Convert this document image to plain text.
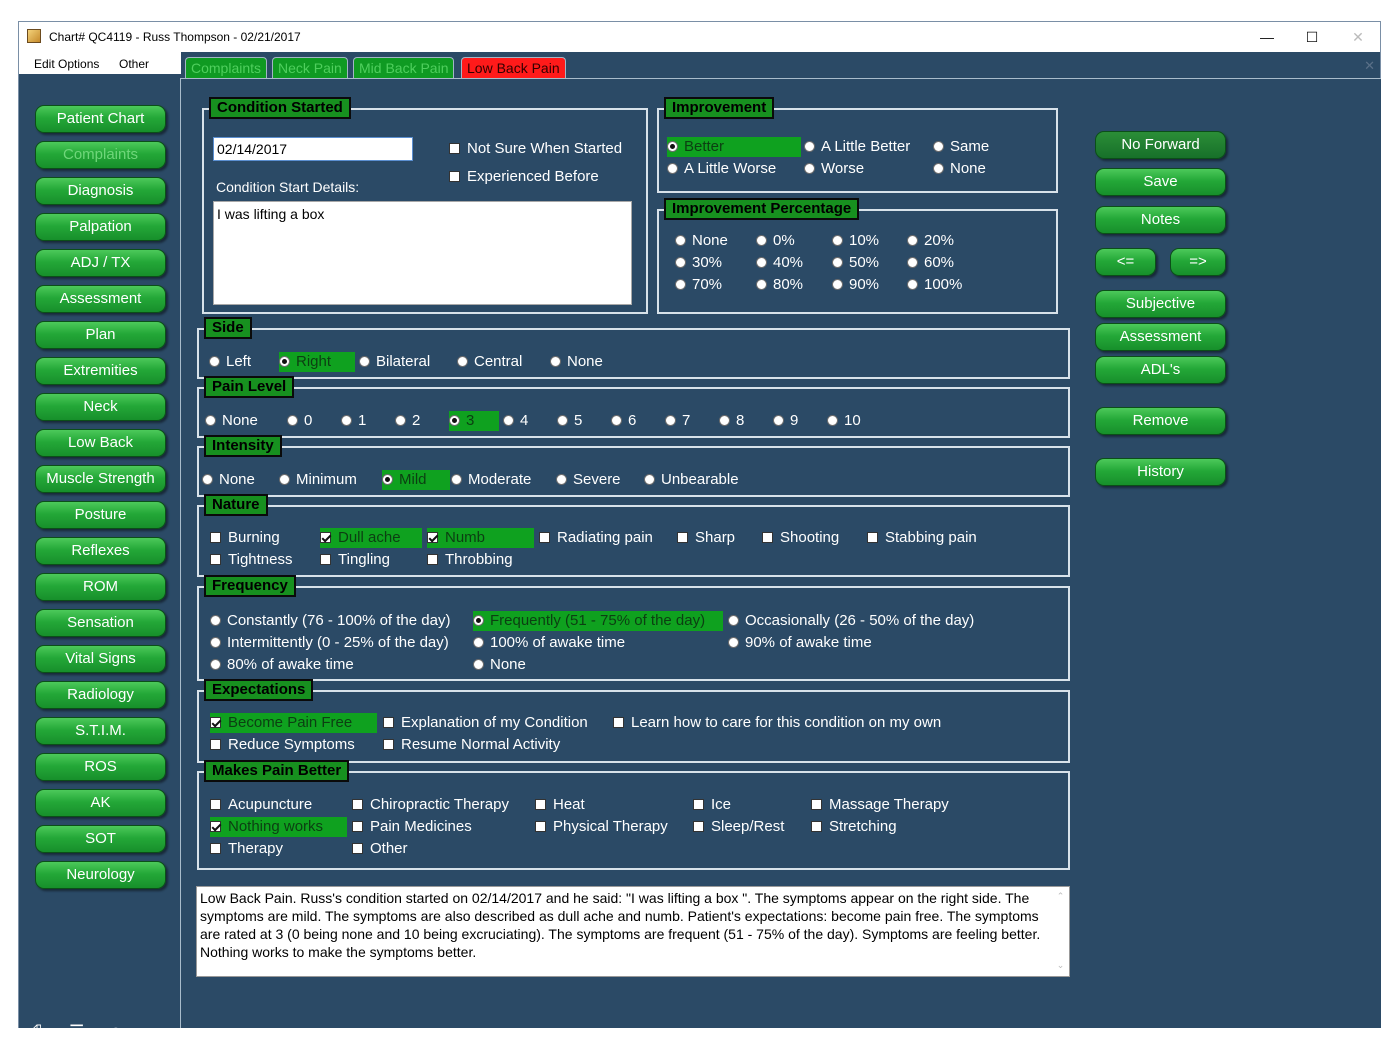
Chart# QC4119 - Russ Thompson - 02/21/2017	—	☐	✕
Edit Options Other	Complaints	Neck Pain	Mid Back Pain	Low Back Pain	✕
Patient Chart
Complaints
Diagnosis
Palpation
ADJ / TX
Assessment
Plan
Extremities
Neck
Low Back
Muscle Strength
Posture
Reflexes
ROM
Sensation
Vital Signs
Radiology
S.T.I.M.
ROS
AK
SOT
Neurology
⎙ ☰ ⟳ ➜
Condition Started
02/14/2017	Not Sure When Started
Experienced Before
Condition Start Details:
I was lifting a box
Improvement
Better	A Little Better	Same
A Little Worse	Worse	None
Improvement Percentage
None	0%	10%	20%
30%	40%	50%	60%
70%	80%	90%	100%
Side
Left	Right	Bilateral	Central	None
Pain Level
None	0	1	2	3	4	5	6	7	8	9	10
Intensity
None	Minimum	Mild	Moderate	Severe	Unbearable
Nature
Burning	Dull ache	Numb	Radiating pain	Sharp	Shooting	Stabbing pain
Tightness	Tingling	Throbbing
Frequency
Constantly (76 - 100% of the day)	Frequently (51 - 75% of the day)	Occasionally (26 - 50% of the day)
Intermittently (0 - 25% of the day)	100% of awake time	90% of awake time
80% of awake time	None
Expectations
Become Pain Free	Explanation of my Condition	Learn how to care for this condition on my own
Reduce Symptoms	Resume Normal Activity
Makes Pain Better
Acupuncture	Chiropractic Therapy	Heat	Ice	Massage Therapy
Nothing works	Pain Medicines	Physical Therapy	Sleep/Rest	Stretching
Therapy	Other
Low Back Pain. Russ's condition started on 02/14/2017 and he said: "I was lifting a box ". The symptoms appear on the right side. The symptoms are mild. The symptoms are also described as dull ache and numb. Patient's expectations: become pain free. The symptoms are rated at 3 (0 being none and 10 being excruciating). The symptoms are frequent (51 - 75% of the day). Symptoms are feeling better. Nothing works to make the symptoms better.
⌃
⌄
No Forward
Save
Notes
<=	=>
Subjective
Assessment
ADL's
Remove
History
